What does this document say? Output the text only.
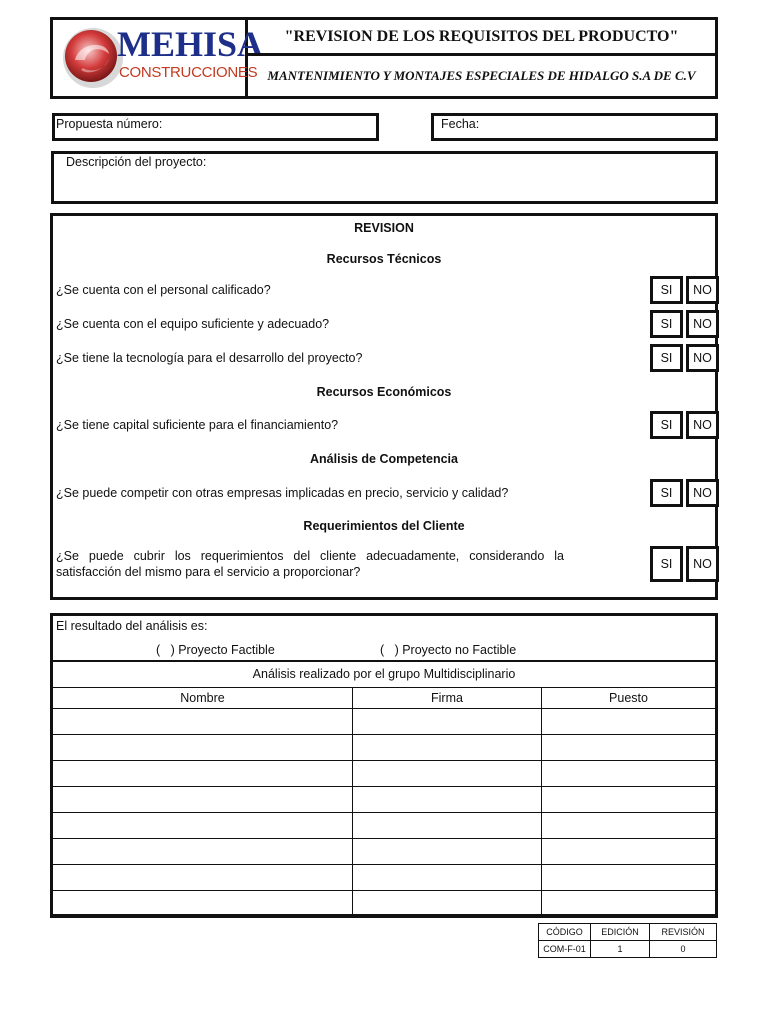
MEHISA
CONSTRUCCIONES
"REVISION DE LOS REQUISITOS DEL PRODUCTO"
MANTENIMIENTO Y MONTAJES ESPECIALES DE HIDALGO S.A DE C.V
Propuesta número:	Fecha:
Descripción del proyecto:
REVISION
Recursos Técnicos
¿Se cuenta con el personal calificado?	SI	NO
¿Se cuenta con el equipo suficiente y adecuado?	SI	NO
¿Se tiene la tecnología para el desarrollo del proyecto?	SI	NO
Recursos Económicos
¿Se tiene capital suficiente para el financiamiento?	SI	NO
Análisis de Competencia
¿Se puede competir con otras empresas implicadas en precio, servicio y calidad?	SI	NO
Requerimientos del Cliente
¿Se puede cubrir los requerimientos del cliente adecuadamente, considerando la satisfacción del mismo para el servicio a proporcionar?
SI	NO
El resultado del análisis es:
(   ) Proyecto Factible	(   ) Proyecto no Factible
Análisis realizado por el grupo Multidisciplinario		
Nombre	Firma	Puesto

CÓDIGO	EDICIÓN	REVISIÓN
COM-F-01	1	0
